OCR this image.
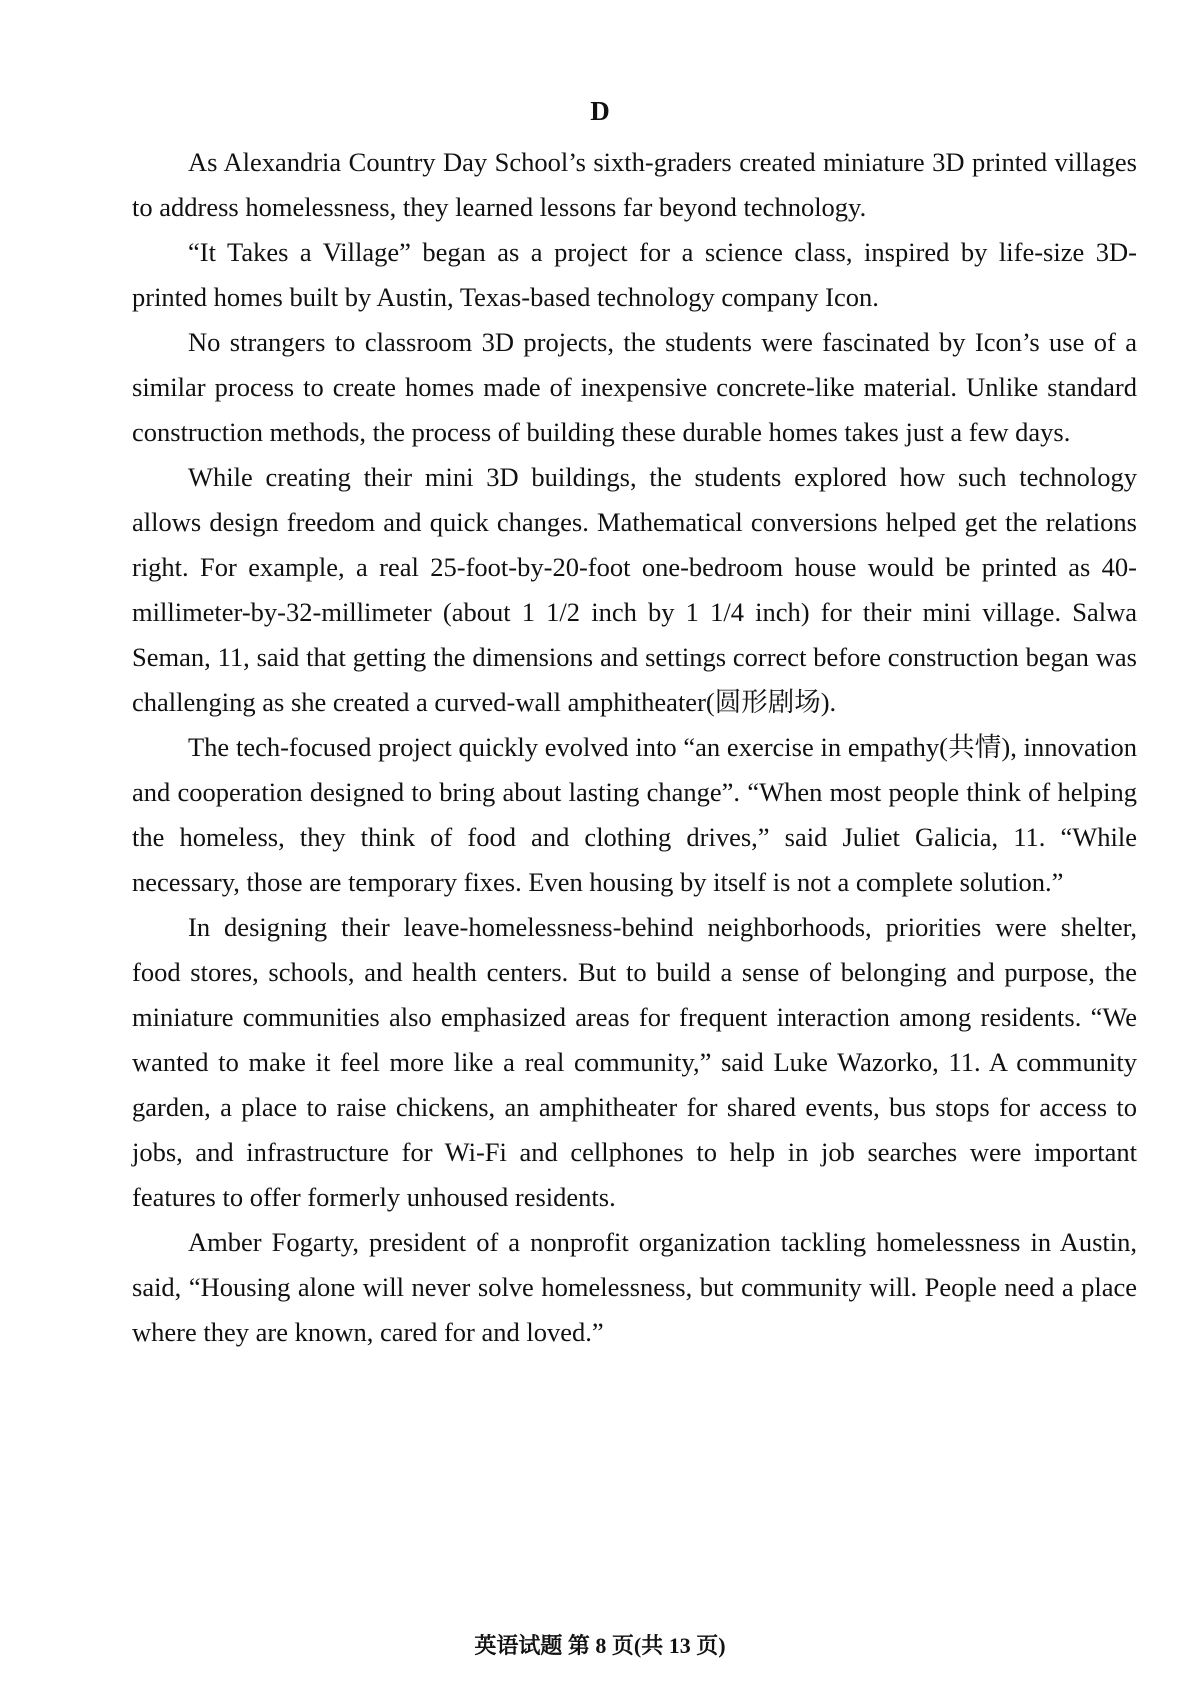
D

As Alexandria Country Day School’s sixth-graders created miniature 3D printed villages to address homelessness, they learned lessons far beyond technology.

“It Takes a Village” began as a project for a science class, inspired by life-size 3D-printed homes built by Austin, Texas-based technology company Icon.

No strangers to classroom 3D projects, the students were fascinated by Icon’s use of a similar process to create homes made of inexpensive concrete-like material. Unlike standard construction methods, the process of building these durable homes takes just a few days.

While creating their mini 3D buildings, the students explored how such technology allows design freedom and quick changes. Mathematical conversions helped get the relations right. For example, a real 25-foot-by-20-foot one-bedroom house would be printed as 40-millimeter-by-32-millimeter (about 1 1/2 inch by 1 1/4 inch) for their mini village. Salwa Seman, 11, said that getting the dimensions and settings correct before construction began was challenging as she created a curved-wall amphitheater(圆形剧场).

The tech-focused project quickly evolved into “an exercise in empathy(共情), innovation and cooperation designed to bring about lasting change”. “When most people think of helping the homeless, they think of food and clothing drives,” said Juliet Galicia, 11. “While necessary, those are temporary fixes. Even housing by itself is not a complete solution.”

In designing their leave-homelessness-behind neighborhoods, priorities were shelter, food stores, schools, and health centers. But to build a sense of belonging and purpose, the miniature communities also emphasized areas for frequent interaction among residents. “We wanted to make it feel more like a real community,” said Luke Wazorko, 11. A community garden, a place to raise chickens, an amphitheater for shared events, bus stops for access to jobs, and infrastructure for Wi-Fi and cellphones to help in job searches were important features to offer formerly unhoused residents.

Amber Fogarty, president of a nonprofit organization tackling homelessness in Austin, said, “Housing alone will never solve homelessness, but community will. People need a place where they are known, cared for and loved.”

英语试题 第 8 页(共 13 页)
